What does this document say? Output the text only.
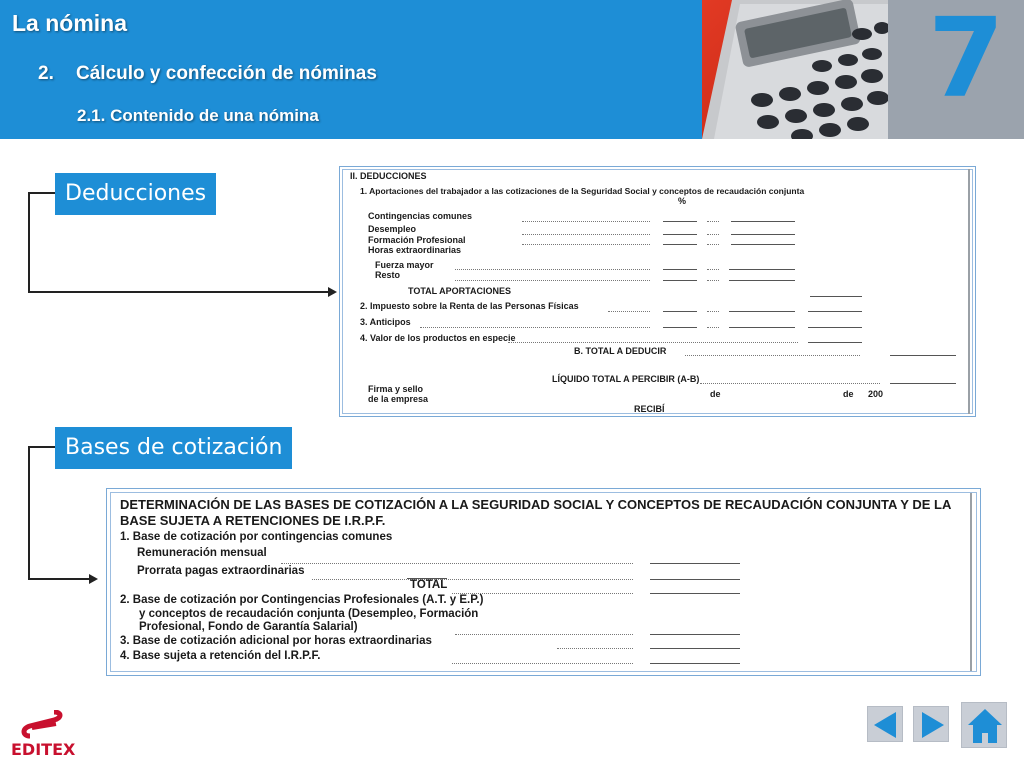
La nómina
2. Cálculo y confección de nóminas
2.1. Contenido de una nómina	7
Deducciones
II. DEDUCCIONES
1. Aportaciones del trabajador a las cotizaciones de la Seguridad Social y conceptos de recaudación conjunta
%
Contingencias comunes
Desempleo
Formación Profesional
Horas extraordinarias
Fuerza mayor
Resto
TOTAL APORTACIONES
2. Impuesto sobre la Renta de las Personas Físicas
3. Anticipos
4. Valor de los productos en especie
B. TOTAL A DEDUCIR
LÍQUIDO TOTAL A PERCIBIR (A-B)
Firma y sello
de la empresa	de	de 200
RECIBÍ
Bases de cotización
DETERMINACIÓN DE LAS BASES DE COTIZACIÓN A LA SEGURIDAD SOCIAL Y CONCEPTOS DE RECAUDACIÓN CONJUNTA Y DE LA BASE SUJETA A RETENCIONES DE I.R.P.F.
1. Base de cotización por contingencias comunes
Remuneración mensual
Prorrata pagas extraordinarias
TOTAL
2. Base de cotización por Contingencias Profesionales (A.T. y E.P.)
y conceptos de recaudación conjunta (Desempleo, Formación
Profesional, Fondo de Garantía Salarial)
3. Base de cotización adicional por horas extraordinarias
4. Base sujeta a retención del I.R.P.F.
EDITEX
